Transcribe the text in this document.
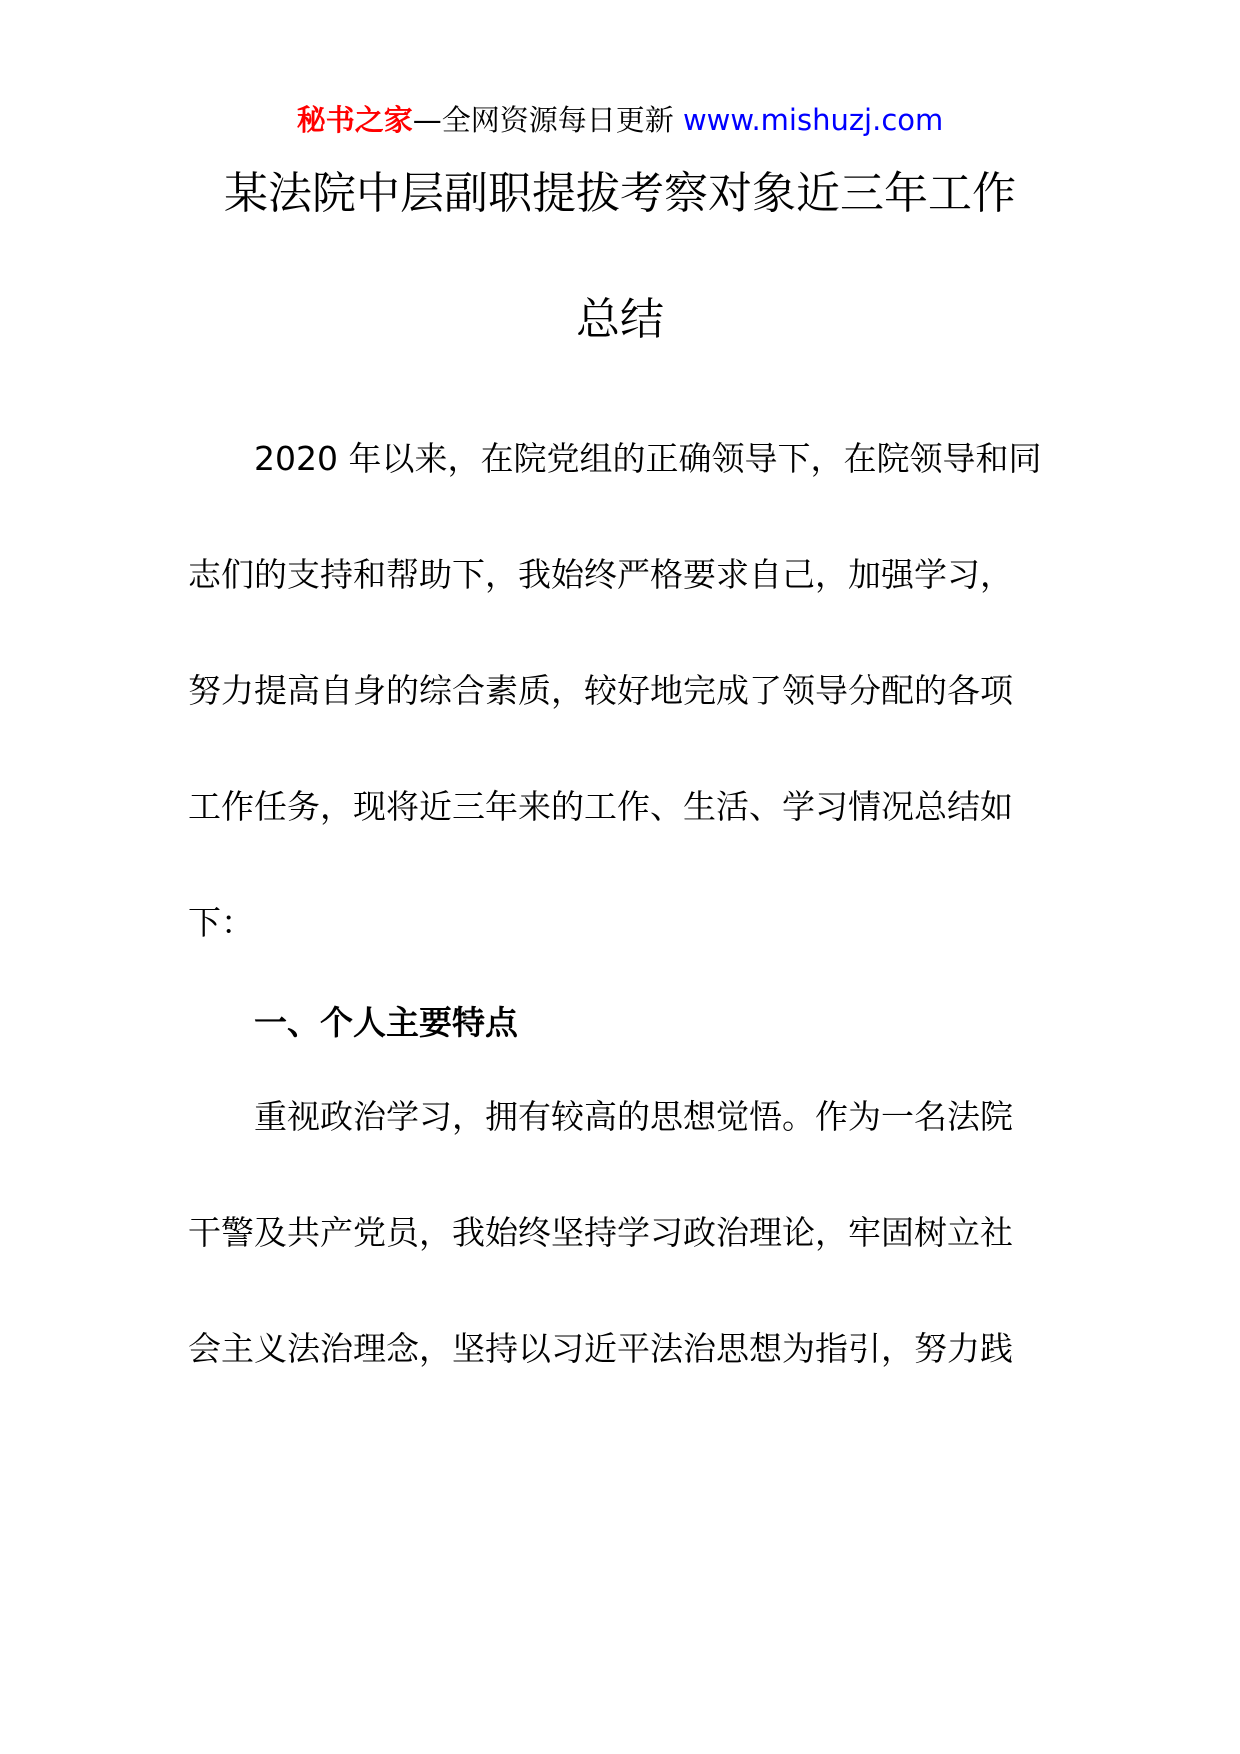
秘书之家—全网资源每日更新 www.mishuzj.com
某法院中层副职提拔考察对象近三年工作
总结
2020 年以来，在院党组的正确领导下，在院领导和同
志们的支持和帮助下，我始终严格要求自己，加强学习，
努力提高自身的综合素质，较好地完成了领导分配的各项
工作任务，现将近三年来的工作、生活、学习情况总结如
下：
一、个人主要特点
重视政治学习，拥有较高的思想觉悟。作为一名法院
干警及共产党员，我始终坚持学习政治理论，牢固树立社
会主义法治理念，坚持以习近平法治思想为指引，努力践
